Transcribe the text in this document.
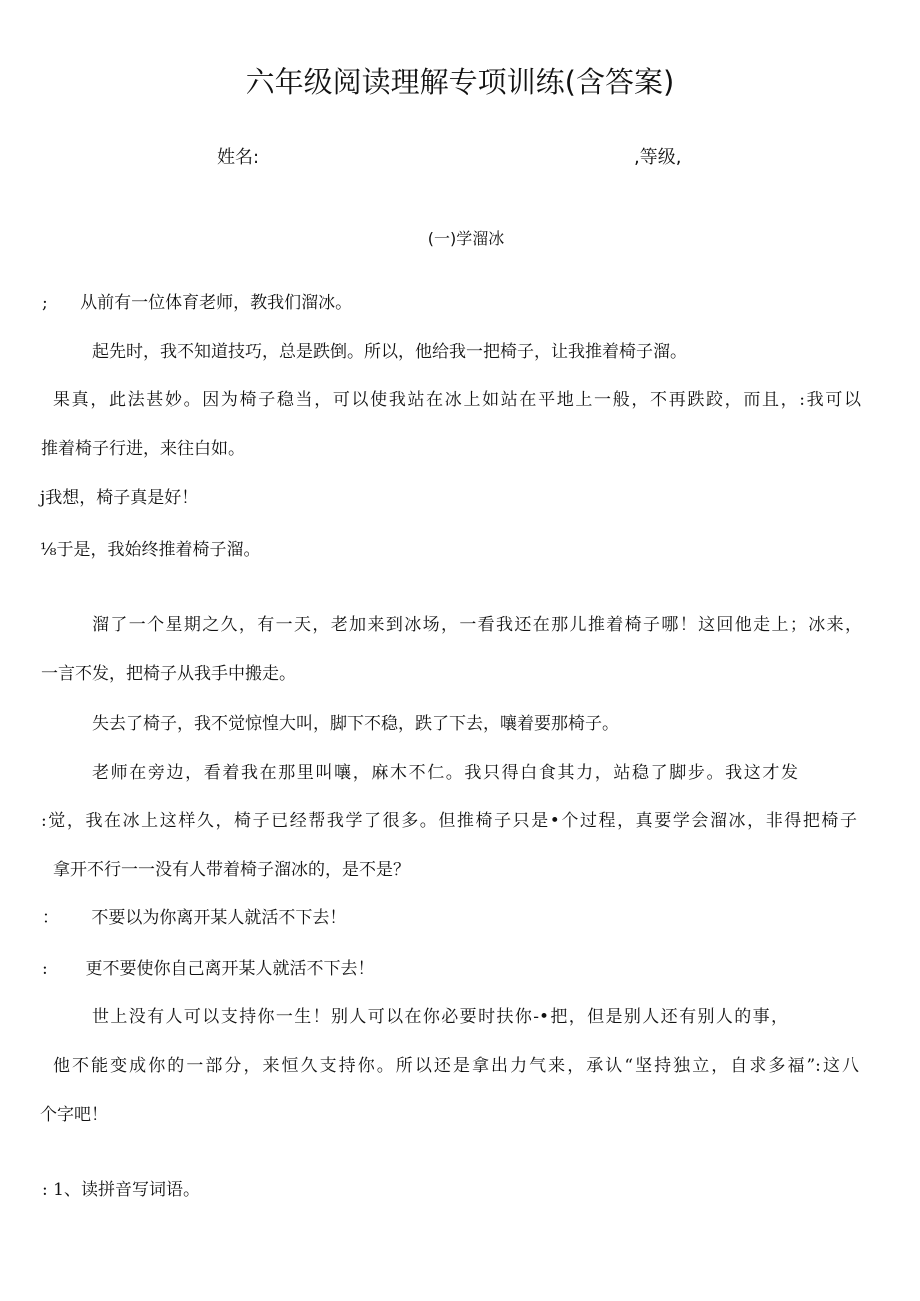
六年级阅读理解专项训练(含答案)
姓名:	,等级,
(一)学溜冰
;      从前有一位体育老师，教我们溜冰。
起先时，我不知道技巧，总是跌倒。所以，他给我一把椅子，让我推着椅子溜。
果真，此法甚妙。因为椅子稳当，可以使我站在冰上如站在平地上一般，不再跌跤，而且，:我可以
推着椅子行进，来往白如。
j我想，椅子真是好！
⅛于是，我始终推着椅子溜。
溜了一个星期之久，有一天，老加来到冰场，一看我还在那儿推着椅子哪！这回他走上；冰来，
一言不发，把椅子从我手中搬走。
失去了椅子，我不觉惊惶大叫，脚下不稳，跌了下去，嚷着要那椅子。
老师在旁边，看着我在那里叫嚷，麻木不仁。我只得白食其力，站稳了脚步。我这才发
:觉，我在冰上这样久，椅子已经帮我学了很多。但推椅子只是•个过程，真要学会溜冰，非得把椅子
拿开不行一一没有人带着椅子溜冰的，是不是？
：      不要以为你离开某人就活不下去！
:       更不要使你自己离开某人就活不下去！
世上没有人可以支持你一生！别人可以在你必要时扶你-•把，但是别人还有别人的事，
他不能变成你的一部分，来恒久支持你。所以还是拿出力气来，承认“坚持独立，自求多福”:这八
个字吧！
: 1、读拼音写词语。
